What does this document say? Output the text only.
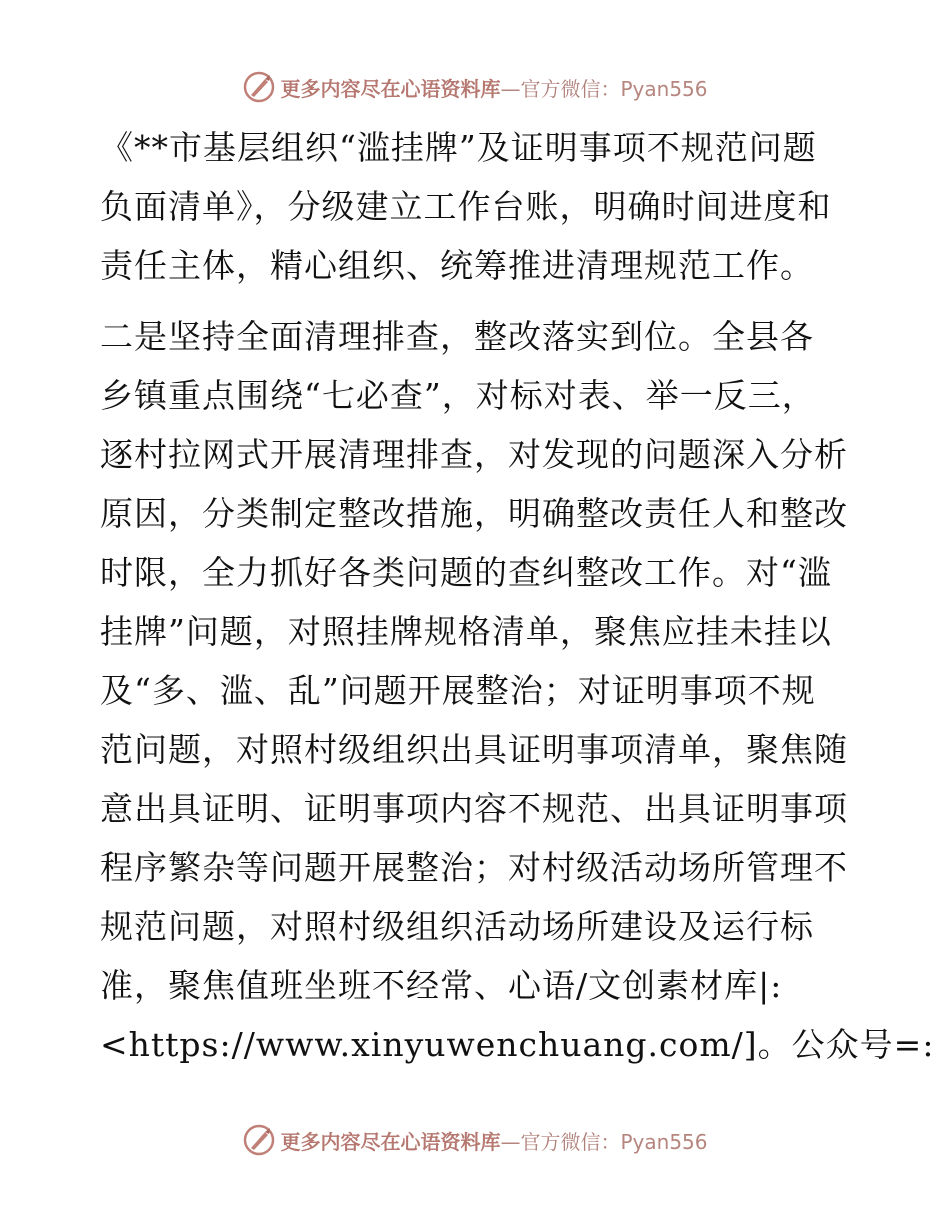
更多内容尽在心语资料库—官方微信：Pyan556
《**市基层组织“滥挂牌”及证明事项不规范问题
负面清单》，分级建立工作台账，明确时间进度和
责任主体，精心组织、统筹推进清理规范工作。
二是坚持全面清理排查，整改落实到位。全县各
乡镇重点围绕“七必查”，对标对表、举一反三，
逐村拉网式开展清理排查，对发现的问题深入分析
原因，分类制定整改措施，明确整改责任人和整改
时限，全力抓好各类问题的查纠整改工作。对“滥
挂牌”问题，对照挂牌规格清单，聚焦应挂未挂以
及“多、滥、乱”问题开展整治；对证明事项不规
范问题，对照村级组织出具证明事项清单，聚焦随
意出具证明、证明事项内容不规范、出具证明事项
程序繁杂等问题开展整治；对村级活动场所管理不
规范问题，对照村级组织活动场所建设及运行标
准，聚焦值班坐班不经常、心语/文创素材库|:
<https://www.xinyuwenchuang.com/]。公众号=:
更多内容尽在心语资料库—官方微信：Pyan556
